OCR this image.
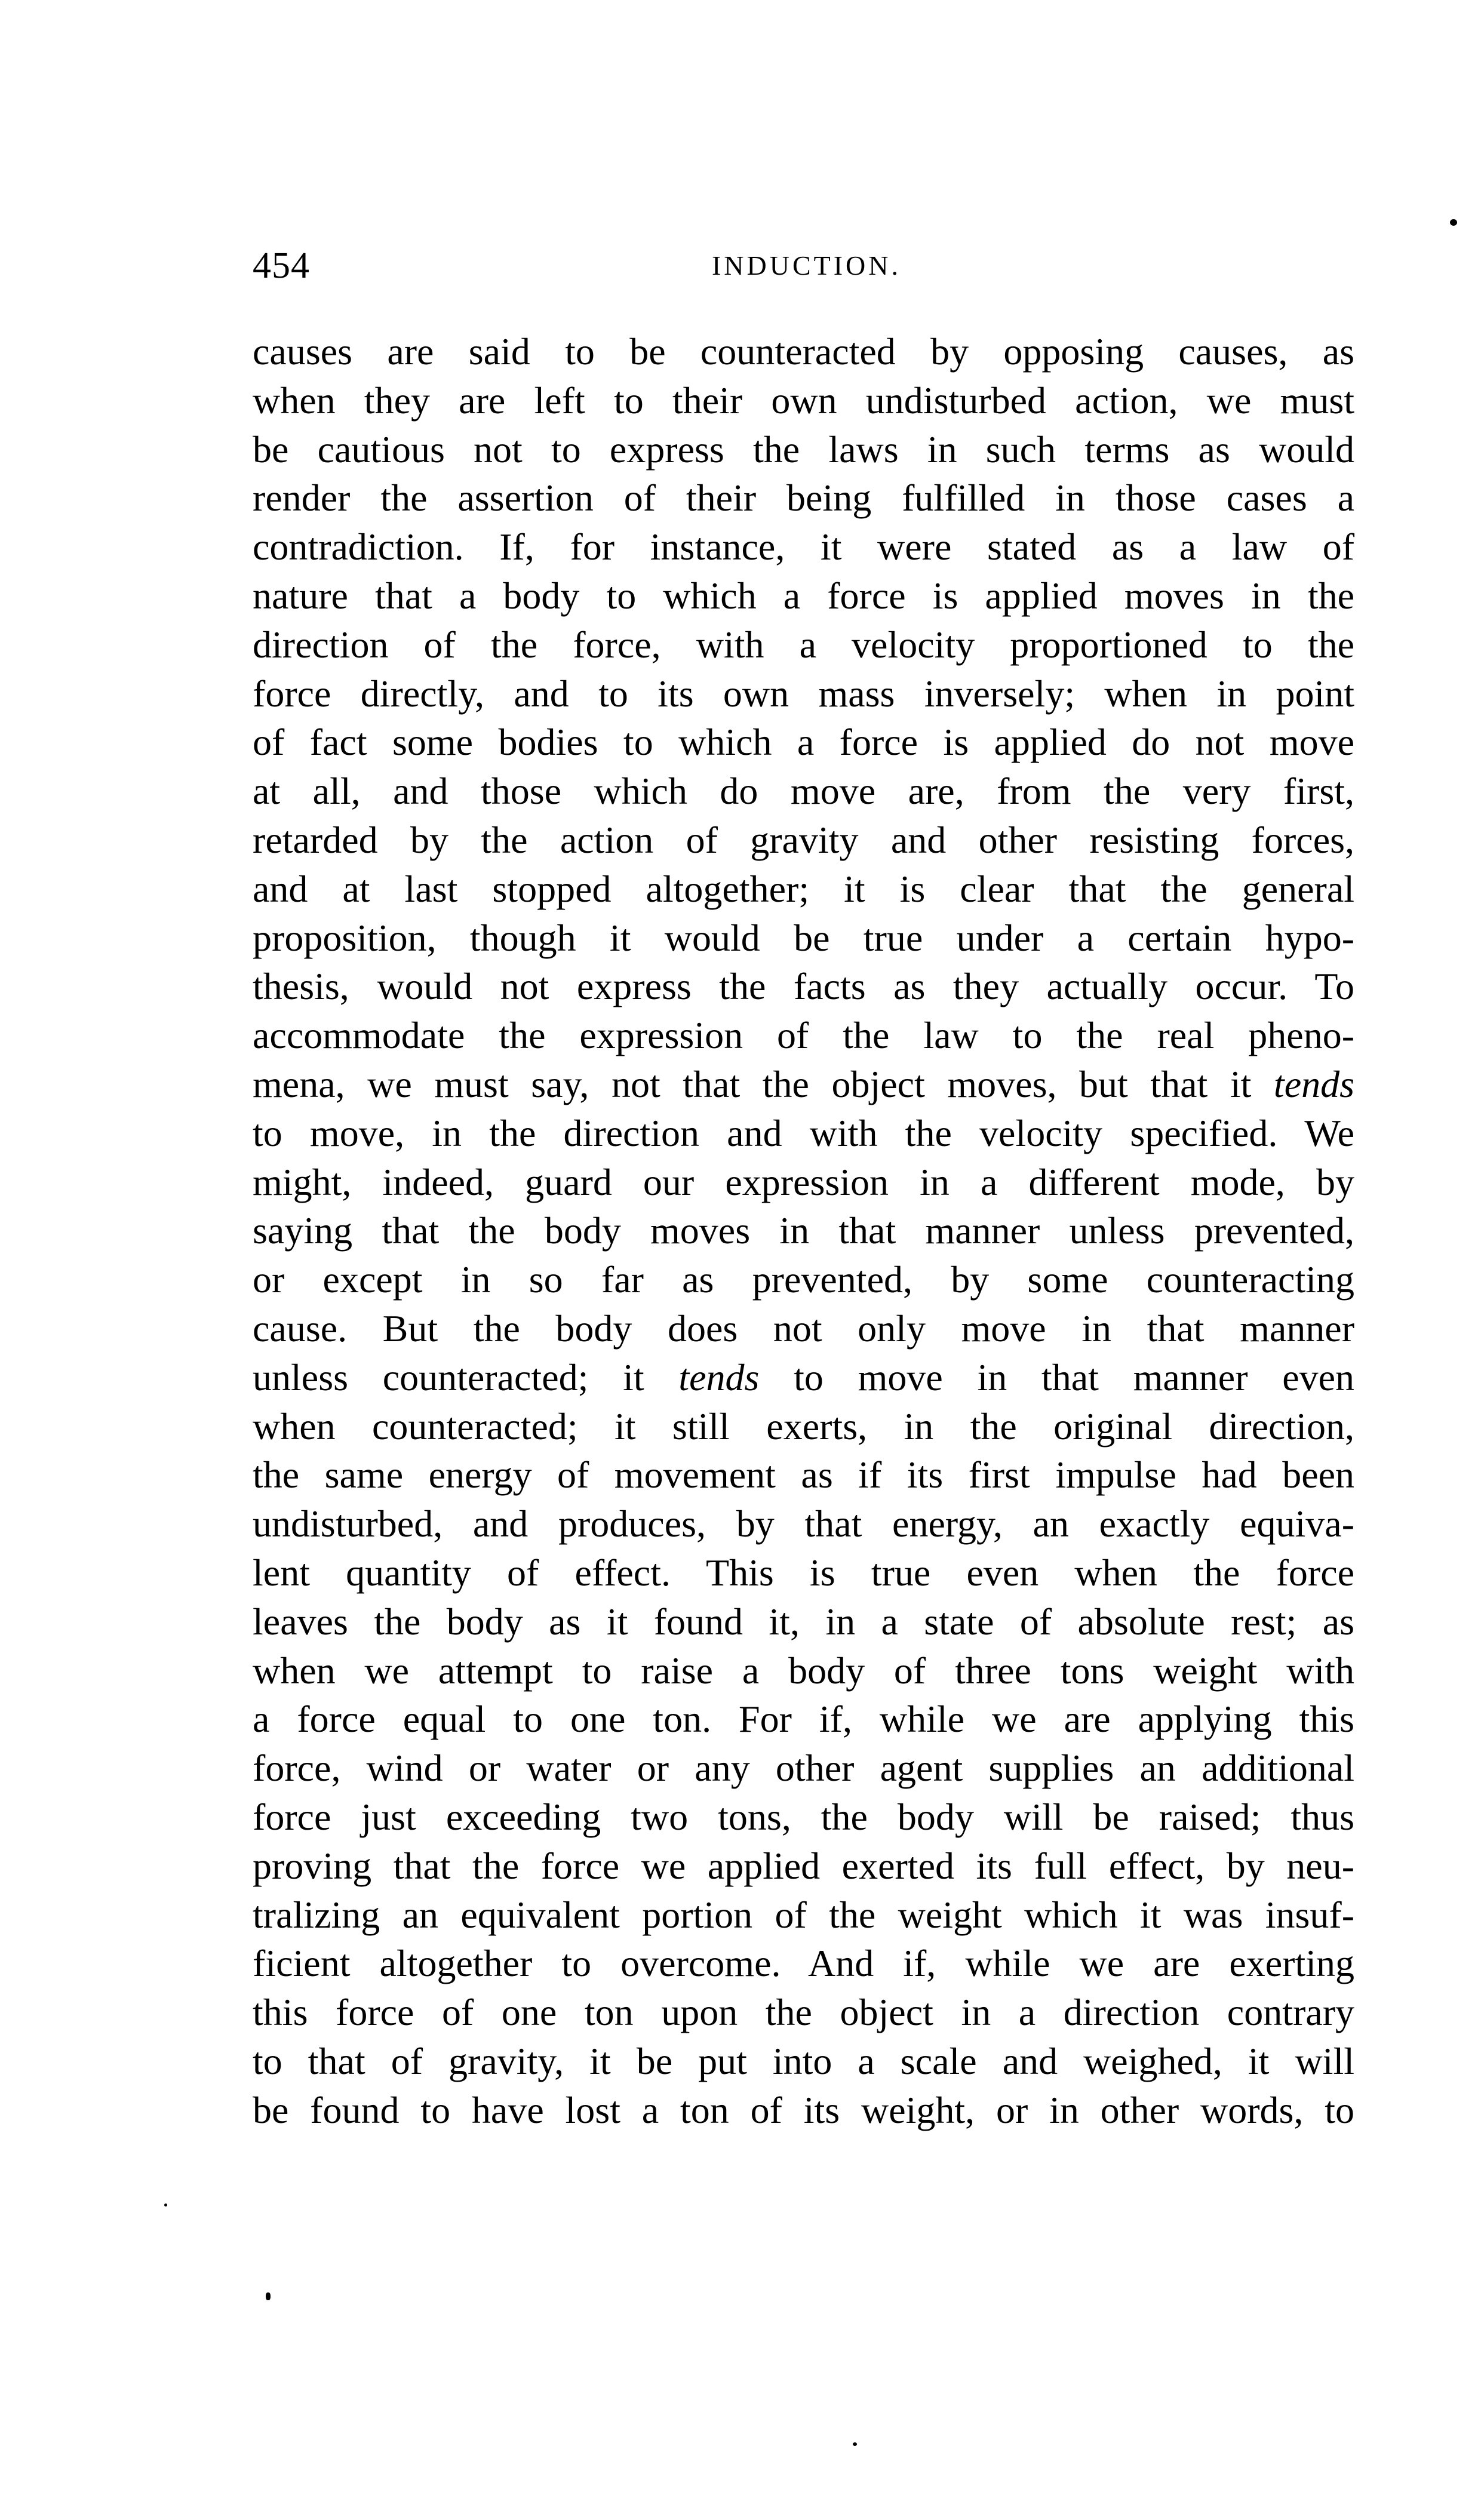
454	INDUCTION.
causes are said to be counteracted by opposing causes, as
when they are left to their own undisturbed action, we must
be cautious not to express the laws in such terms as would
render the assertion of their being fulfilled in those cases a
contradiction. If, for instance, it were stated as a law of
nature that a body to which a force is applied moves in the
direction of the force, with a velocity proportioned to the
force directly, and to its own mass inversely; when in point
of fact some bodies to which a force is applied do not move
at all, and those which do move are, from the very first,
retarded by the action of gravity and other resisting forces,
and at last stopped altogether; it is clear that the general
proposition, though it would be true under a certain hypo-
thesis, would not express the facts as they actually occur. To
accommodate the expression of the law to the real pheno-
mena, we must say, not that the object moves, but that it tends
to move, in the direction and with the velocity specified. We
might, indeed, guard our expression in a different mode, by
saying that the body moves in that manner unless prevented,
or except in so far as prevented, by some counteracting
cause. But the body does not only move in that manner
unless counteracted; it tends to move in that manner even
when counteracted; it still exerts, in the original direction,
the same energy of movement as if its first impulse had been
undisturbed, and produces, by that energy, an exactly equiva-
lent quantity of effect. This is true even when the force
leaves the body as it found it, in a state of absolute rest; as
when we attempt to raise a body of three tons weight with
a force equal to one ton. For if, while we are applying this
force, wind or water or any other agent supplies an additional
force just exceeding two tons, the body will be raised; thus
proving that the force we applied exerted its full effect, by neu-
tralizing an equivalent portion of the weight which it was insuf-
ficient altogether to overcome. And if, while we are exerting
this force of one ton upon the object in a direction contrary
to that of gravity, it be put into a scale and weighed, it will
be found to have lost a ton of its weight, or in other words, to
